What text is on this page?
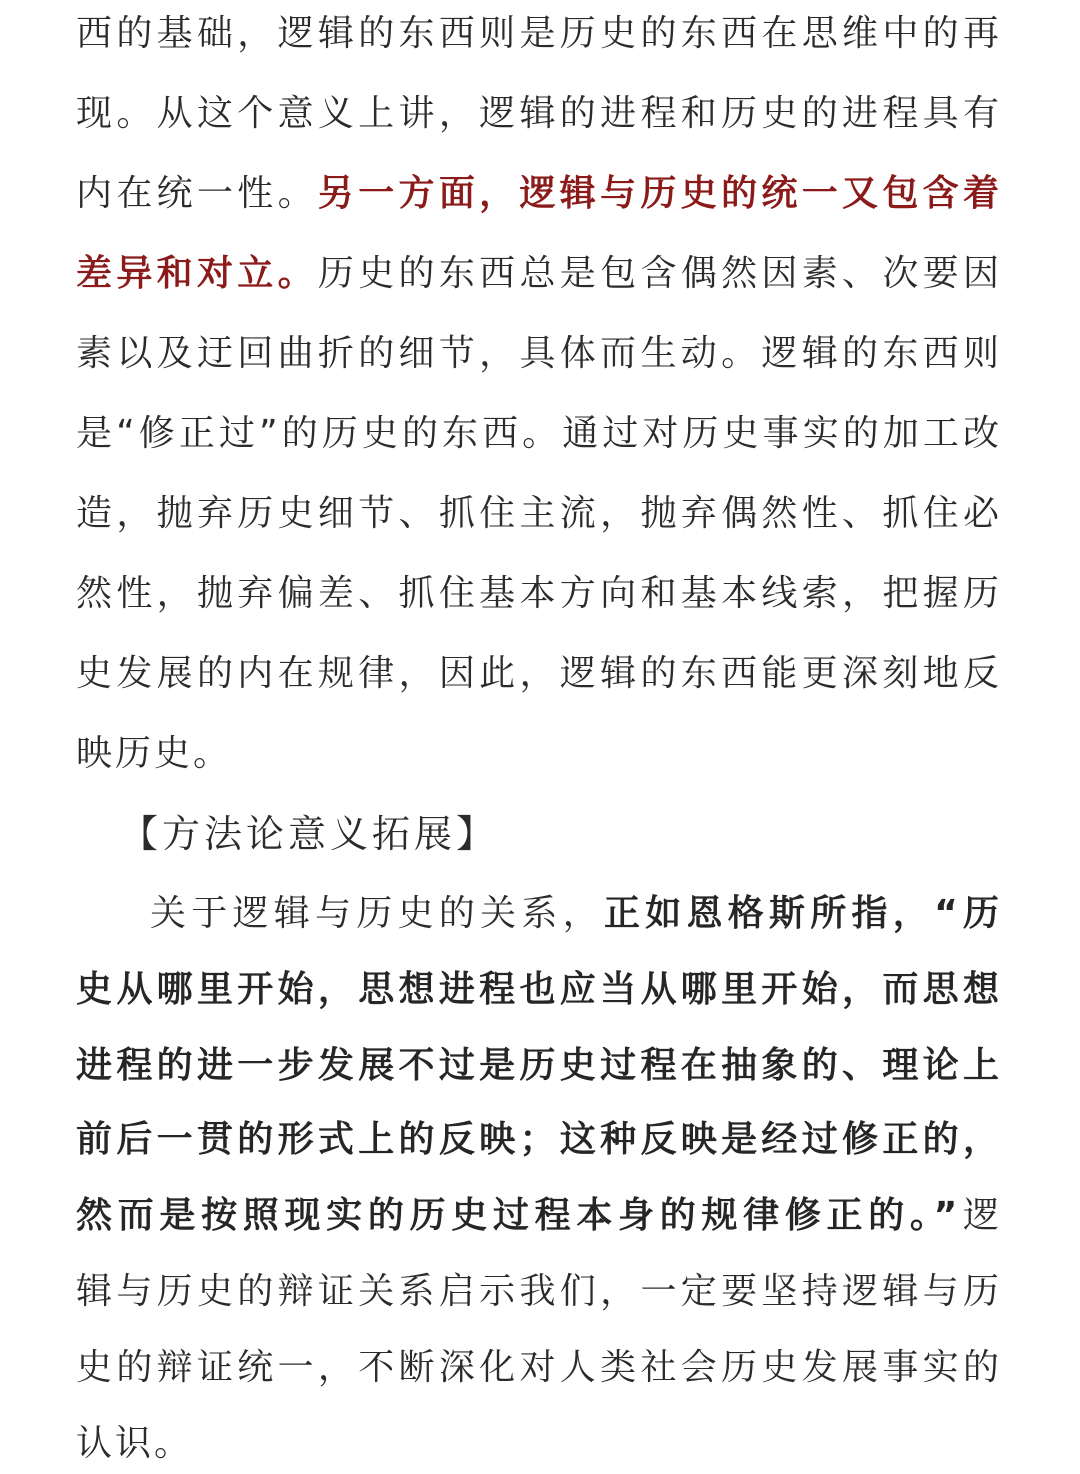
西的基础，逻辑的东西则是历史的东西在思维中的再
现。从这个意义上讲，逻辑的进程和历史的进程具有
内在统一性。另一方面，逻辑与历史的统一又包含着
差异和对立。历史的东西总是包含偶然因素、次要因
素以及迂回曲折的细节，具体而生动。逻辑的东西则
是“修正过”的历史的东西。通过对历史事实的加工改
造，抛弃历史细节、抓住主流，抛弃偶然性、抓住必
然性，抛弃偏差、抓住基本方向和基本线索，把握历
史发展的内在规律，因此，逻辑的东西能更深刻地反
映历史。
【方法论意义拓展】
关于逻辑与历史的关系，正如恩格斯所指，“历
史从哪里开始，思想进程也应当从哪里开始，而思想
进程的进一步发展不过是历史过程在抽象的、理论上
前后一贯的形式上的反映；这种反映是经过修正的，
然而是按照现实的历史过程本身的规律修正的。”逻
辑与历史的辩证关系启示我们，一定要坚持逻辑与历
史的辩证统一，不断深化对人类社会历史发展事实的
认识。
